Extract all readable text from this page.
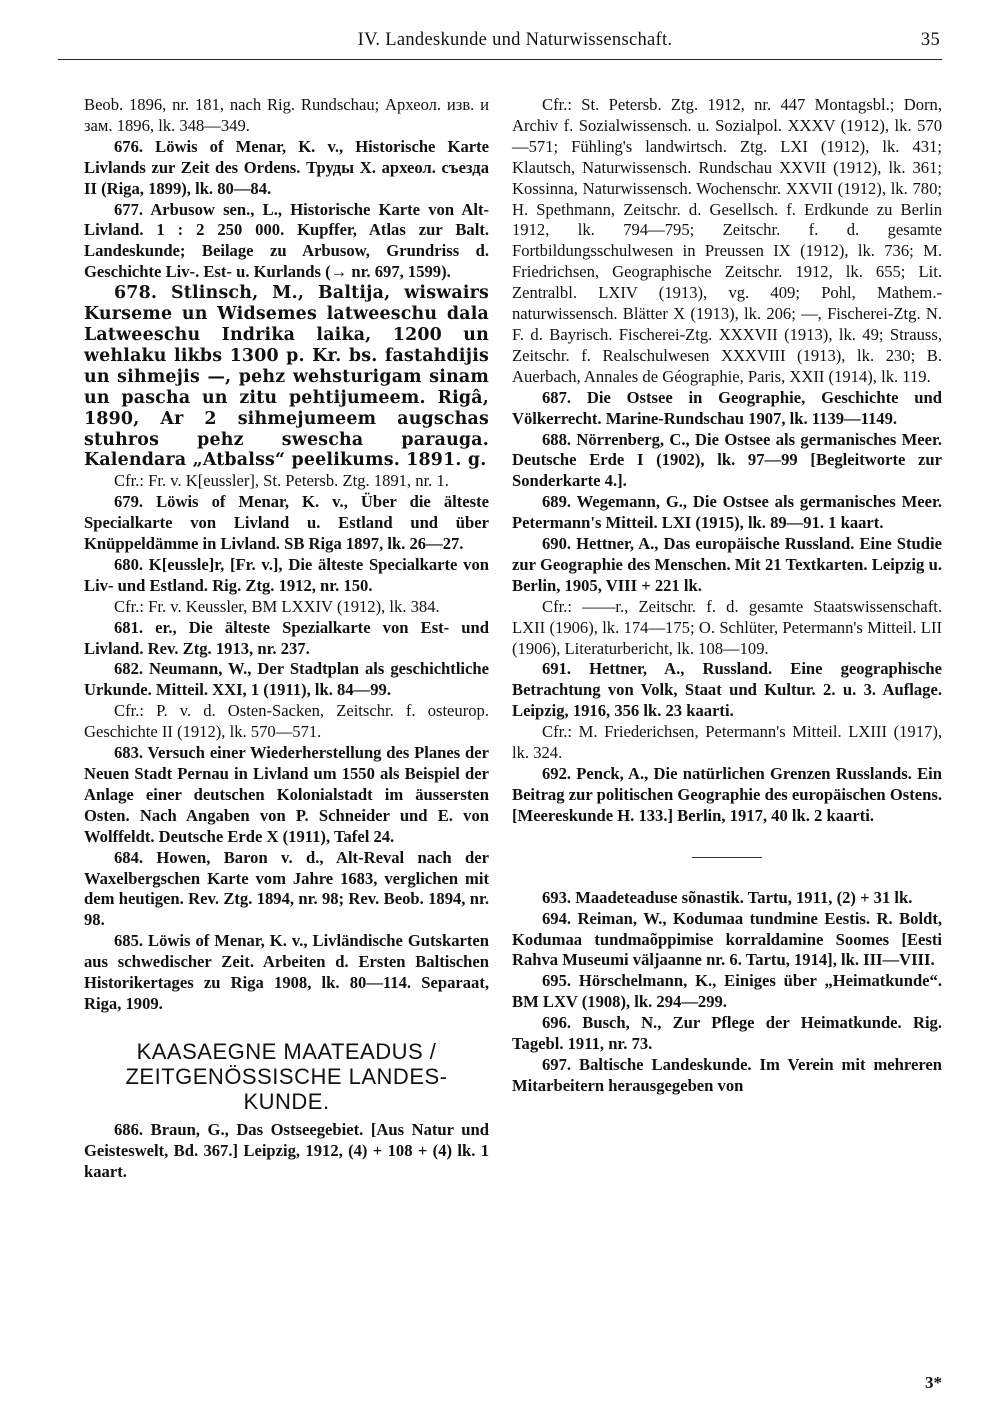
IV. Landeskunde und Naturwissenschaft.	35

Beob. 1896, nr. 181, nach Rig. Rundschau; Археол. изв. и зам. 1896, lk. 348—349.

676. Löwis of Menar, K. v., Historische Karte Livlands zur Zeit des Ordens. Труды X. археол. съезда II (Riga, 1899), lk. 80—84.

677. Arbusow sen., L., Historische Karte von Alt-Livland. 1 : 2 250 000. Kupffer, Atlas zur Balt. Landeskunde; Beilage zu Arbusow, Grundriss d. Geschichte Liv-. Est- u. Kurlands (→ nr. 697, 1599).

678. Stlinsch, M., Baltija, wiswairs Kurseme un Widsemes latweeschu dala Latweeschu Indrika laika, 1200 un wehlaku likbs 1300 p. Kr. bs. fastahdijis un sihmejis —, pehz wehsturigam sinam un pascha un zitu pehtijumeem. Rigâ, 1890, Ar 2 sihmejumeem augschas stuhros pehz swescha parauga. Kalendara „Atbalss“ peelikums. 1891. g.

Cfr.: Fr. v. K[eussler], St. Petersb. Ztg. 1891, nr. 1.

679. Löwis of Menar, K. v., Über die älteste Specialkarte von Livland u. Estland und über Knüppeldämme in Livland. SB Riga 1897, lk. 26—27.

680. K[eussle]r, [Fr. v.], Die älteste Specialkarte von Liv- und Estland. Rig. Ztg. 1912, nr. 150.

Cfr.: Fr. v. Keussler, BM LXXIV (1912), lk. 384.

681. er., Die älteste Spezialkarte von Est- und Livland. Rev. Ztg. 1913, nr. 237.

682. Neumann, W., Der Stadtplan als geschichtliche Urkunde. Mitteil. XXI, 1 (1911), lk. 84—99.

Cfr.: P. v. d. Osten-Sacken, Zeitschr. f. osteurop. Geschichte II (1912), lk. 570—571.

683. Versuch einer Wiederherstellung des Planes der Neuen Stadt Pernau in Livland um 1550 als Beispiel der Anlage einer deutschen Kolonialstadt im äussersten Osten. Nach Angaben von P. Schneider und E. von Wolffeldt. Deutsche Erde X (1911), Tafel 24.

684. Howen, Baron v. d., Alt-Reval nach der Waxelbergschen Karte vom Jahre 1683, verglichen mit dem heutigen. Rev. Ztg. 1894, nr. 98; Rev. Beob. 1894, nr. 98.

685. Löwis of Menar, K. v., Livländische Gutskarten aus schwedischer Zeit. Arbeiten d. Ersten Baltischen Historikertages zu Riga 1908, lk. 80—114. Separaat, Riga, 1909.

KAASAEGNE MAATEADUS / ZEITGENÖSSISCHE LANDES-KUNDE.

686. Braun, G., Das Ostseegebiet. [Aus Natur und Geisteswelt, Bd. 367.] Leipzig, 1912, (4) + 108 + (4) lk. 1 kaart.

Cfr.: St. Petersb. Ztg. 1912, nr. 447 Montagsbl.; Dorn, Archiv f. Sozialwissensch. u. Sozialpol. XXXV (1912), lk. 570—571; Fühling's landwirtsch. Ztg. LXI (1912), lk. 431; Klautsch, Naturwissensch. Rundschau XXVII (1912), lk. 361; Kossinna, Naturwissensch. Wochenschr. XXVII (1912), lk. 780; H. Spethmann, Zeitschr. d. Gesellsch. f. Erdkunde zu Berlin 1912, lk. 794—795; Zeitschr. f. d. gesamte Fortbildungsschulwesen in Preussen IX (1912), lk. 736; M. Friedrichsen, Geographische Zeitschr. 1912, lk. 655; Lit. Zentralbl. LXIV (1913), vg. 409; Pohl, Mathem.-naturwissensch. Blätter X (1913), lk. 206; —, Fischerei-Ztg. N. F. d. Bayrisch. Fischerei-Ztg. XXXVII (1913), lk. 49; Strauss, Zeitschr. f. Realschulwesen XXXVIII (1913), lk. 230; B. Auerbach, Annales de Géographie, Paris, XXII (1914), lk. 119.

687. Die Ostsee in Geographie, Geschichte und Völkerrecht. Marine-Rundschau 1907, lk. 1139—1149.

688. Nörrenberg, C., Die Ostsee als germanisches Meer. Deutsche Erde I (1902), lk. 97—99 [Begleitworte zur Sonderkarte 4.].

689. Wegemann, G., Die Ostsee als germanisches Meer. Petermann's Mitteil. LXI (1915), lk. 89—91. 1 kaart.

690. Hettner, A., Das europäische Russland. Eine Studie zur Geographie des Menschen. Mit 21 Textkarten. Leipzig u. Berlin, 1905, VIII + 221 lk.

Cfr.: ——r., Zeitschr. f. d. gesamte Staatswissenschaft. LXII (1906), lk. 174—175; O. Schlüter, Petermann's Mitteil. LII (1906), Literaturbericht, lk. 108—109.

691. Hettner, A., Russland. Eine geographische Betrachtung von Volk, Staat und Kultur. 2. u. 3. Auflage. Leipzig, 1916, 356 lk. 23 kaarti.

Cfr.: M. Friederichsen, Petermann's Mitteil. LXIII (1917), lk. 324.

692. Penck, A., Die natürlichen Grenzen Russlands. Ein Beitrag zur politischen Geographie des europäischen Ostens. [Meereskunde H. 133.] Berlin, 1917, 40 lk. 2 kaarti.

693. Maadeteaduse sõnastik. Tartu, 1911, (2) + 31 lk.

694. Reiman, W., Kodumaa tundmine Eestis. R. Boldt, Kodumaa tundmaõppimise korraldamine Soomes [Eesti Rahva Museumi väljaanne nr. 6. Tartu, 1914], lk. III—VIII.

695. Hörschelmann, K., Einiges über „Heimatkunde“. BM LXV (1908), lk. 294—299.

696. Busch, N., Zur Pflege der Heimatkunde. Rig. Tagebl. 1911, nr. 73.

697. Baltische Landeskunde. Im Verein mit mehreren Mitarbeitern herausgegeben von

3*
